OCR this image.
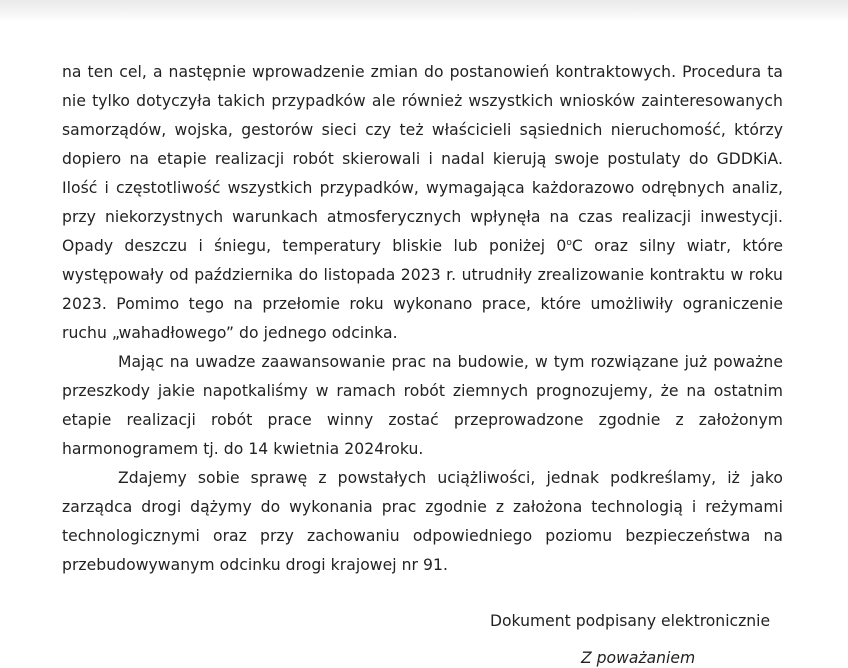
na ten cel, a następnie wprowadzenie zmian do postanowień kontraktowych. Procedura ta
nie tylko dotyczyła takich przypadków ale również wszystkich wniosków zainteresowanych
samorządów, wojska, gestorów sieci czy też właścicieli sąsiednich nieruchomość, którzy
dopiero na etapie realizacji robót skierowali i nadal kierują swoje postulaty do GDDKiA.
Ilość i częstotliwość wszystkich przypadków, wymagająca każdorazowo odrębnych analiz,
przy niekorzystnych warunkach atmosferycznych wpłynęła na czas realizacji inwestycji.
Opady deszczu i śniegu, temperatury bliskie lub poniżej 0$^o$C oraz silny wiatr, które
występowały od października do listopada 2023 r. utrudniły zrealizowanie kontraktu w roku
2023. Pomimo tego na przełomie roku wykonano prace, które umożliwiły ograniczenie
ruchu „wahadłowego” do jednego odcinka.
Mając na uwadze zaawansowanie prac na budowie, w tym rozwiązane już poważne
przeszkody jakie napotkaliśmy w ramach robót ziemnych prognozujemy, że na ostatnim
etapie realizacji robót prace winny zostać przeprowadzone zgodnie z założonym
harmonogramem tj. do 14 kwietnia 2024roku.
Zdajemy sobie sprawę z powstałych uciążliwości, jednak podkreślamy, iż jako
zarządca drogi dążymy do wykonania prac zgodnie z założona technologią i reżymami
technologicznymi oraz przy zachowaniu odpowiedniego poziomu bezpieczeństwa na
przebudowywanym odcinku drogi krajowej nr 91.
Dokument podpisany elektronicznie
Z poważaniem
